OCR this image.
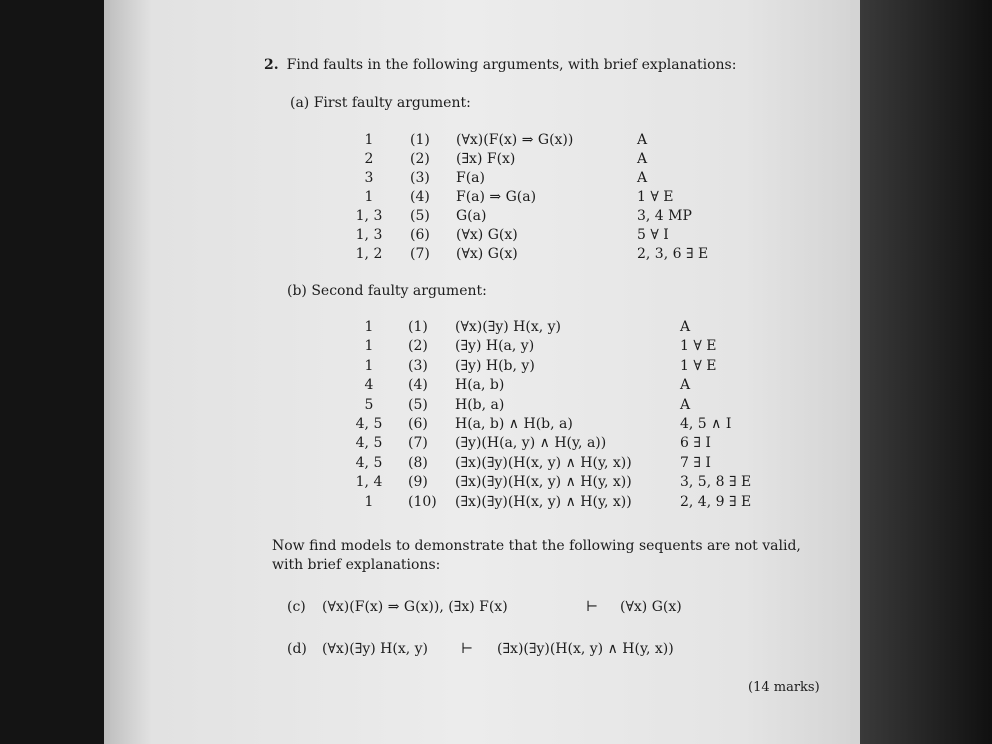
2. Find faults in the following arguments, with brief explanations:
(a) First faulty argument:
1	(1)	(∀x)(F(x) ⇒ G(x))	A
2	(2)	(∃x) F(x)	A
3	(3)	F(a)	A
1	(4)	F(a) ⇒ G(a)	1 ∀ E
1, 3	(5)	G(a)	3, 4 MP
1, 3	(6)	(∀x) G(x)	5 ∀ I
1, 2	(7)	(∀x) G(x)	2, 3, 6 ∃ E
(b) Second faulty argument:
1	(1)	(∀x)(∃y) H(x, y)	A
1	(2)	(∃y) H(a, y)	1 ∀ E
1	(3)	(∃y) H(b, y)	1 ∀ E
4	(4)	H(a, b)	A
5	(5)	H(b, a)	A
4, 5	(6)	H(a, b) ∧ H(b, a)	4, 5 ∧ I
4, 5	(7)	(∃y)(H(a, y) ∧ H(y, a))	6 ∃ I
4, 5	(8)	(∃x)(∃y)(H(x, y) ∧ H(y, x))	7 ∃ I
1, 4	(9)	(∃x)(∃y)(H(x, y) ∧ H(y, x))	3, 5, 8 ∃ E
1	(10)	(∃x)(∃y)(H(x, y) ∧ H(y, x))	2, 4, 9 ∃ E
Now find models to demonstrate that the following sequents are not valid, with brief explanations:
(c) (∀x)(F(x) ⇒ G(x)), (∃x) F(x)	⊢ (∀x) G(x)
(d) (∀x)(∃y) H(x, y) ⊢ (∃x)(∃y)(H(x, y) ∧ H(y, x))
(14 marks)
